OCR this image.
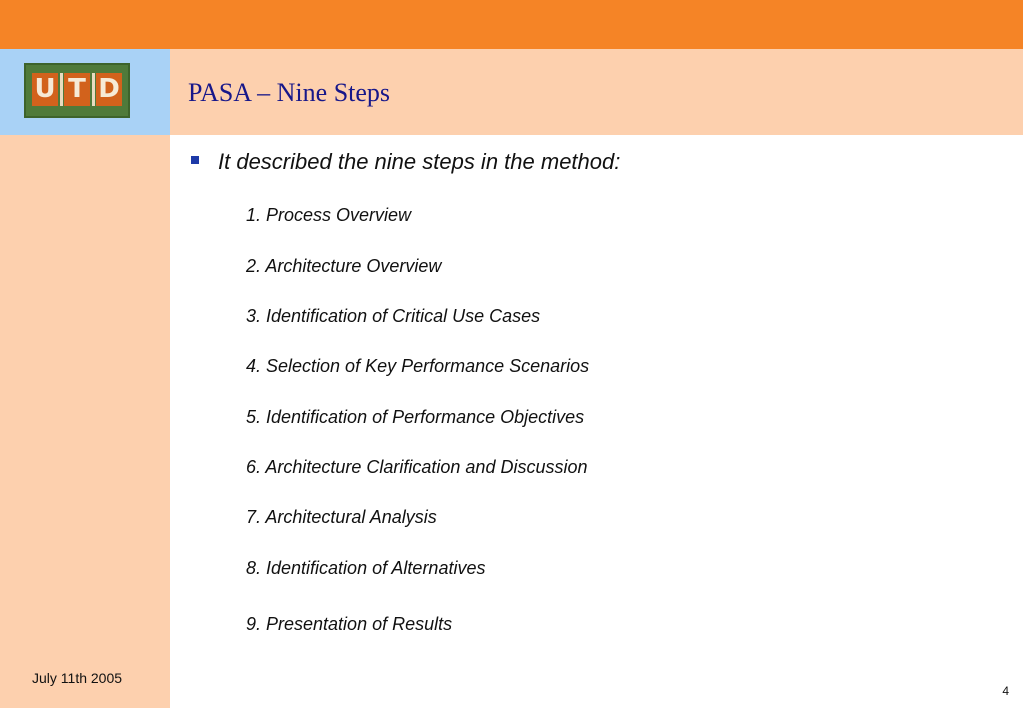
U T D	PASA – Nine Steps
It described the nine steps in the method:
1. Process Overview
2. Architecture Overview
3. Identification of Critical Use Cases
4. Selection of Key Performance Scenarios
5. Identification of Performance Objectives
6. Architecture Clarification and Discussion
7. Architectural Analysis
8. Identification of Alternatives
9. Presentation of Results
July 11th 2005
4
